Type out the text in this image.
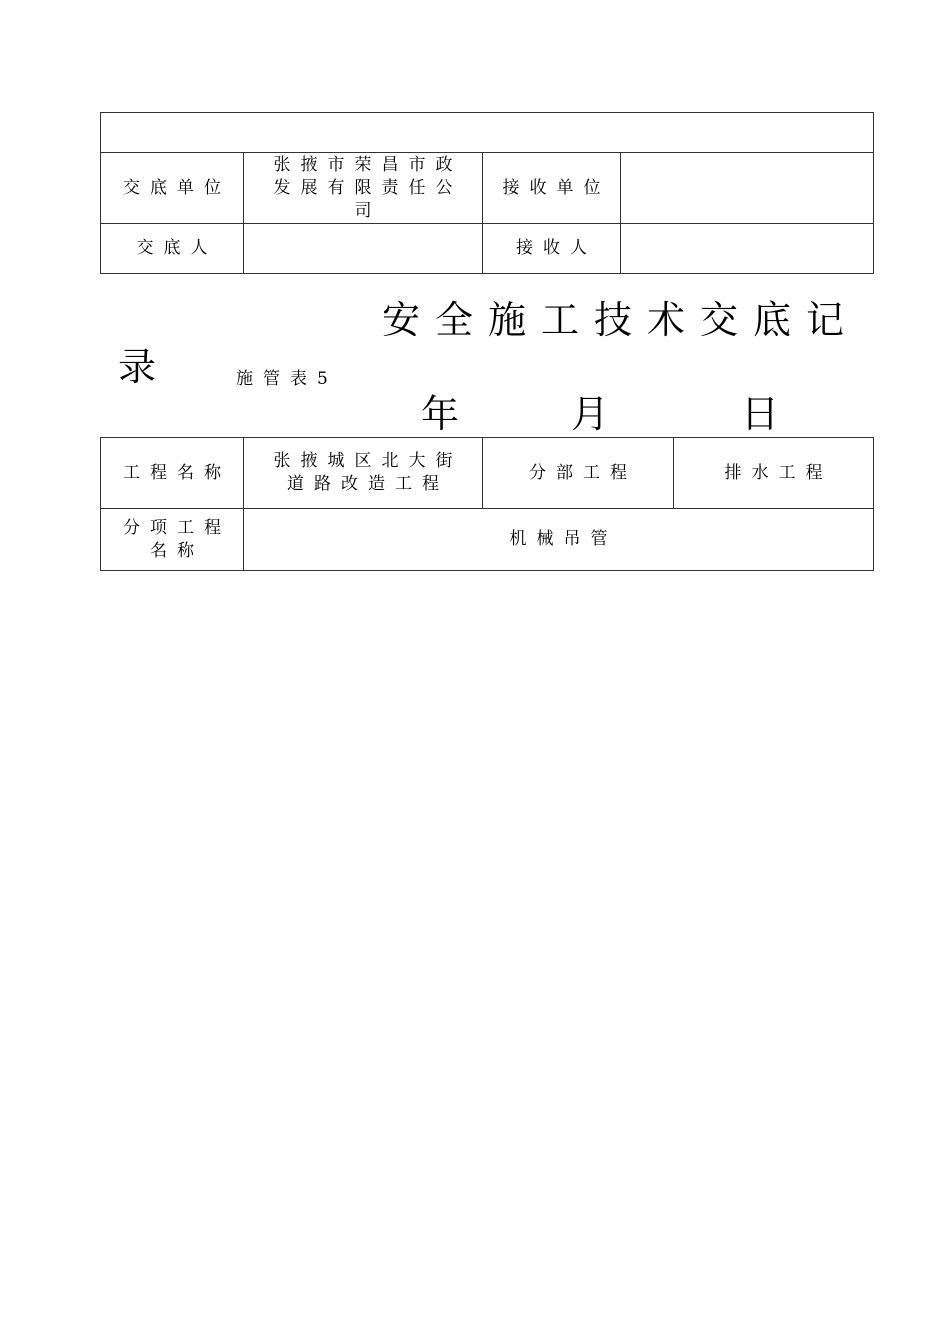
交底单位	张掖市荣昌市政发展有限责任公司	接收单位	

交底人		接收人	

安全施工技术交底记
录	施管表5
年	月	日
工程名称	张掖城区北大街道路改造工程	分部工程	排水工程

分项工程名称	机械吊管		
